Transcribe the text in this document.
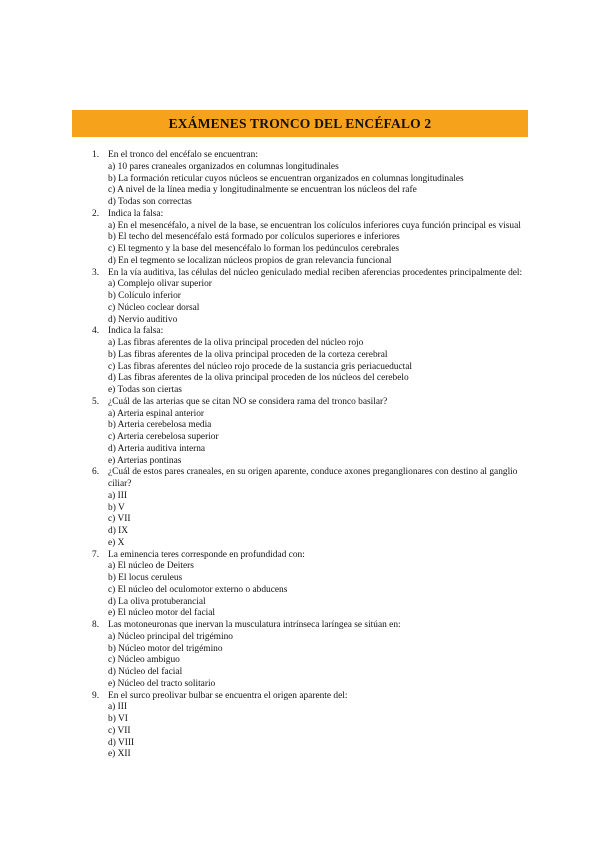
EXÁMENES TRONCO DEL ENCÉFALO 2
1. En el tronco del encéfalo se encuentran:
a) 10 pares craneales organizados en columnas longitudinales
b) La formación reticular cuyos núcleos se encuentran organizados en columnas longitudinales
c) A nivel de la línea media y longitudinalmente se encuentran los núcleos del rafe
d) Todas son correctas
2. Indica la falsa:
a) En el mesencéfalo, a nivel de la base, se encuentran los colículos inferiores cuya función principal es visual
b) El techo del mesencéfalo está formado por colículos superiores e inferiores
c) El tegmento y la base del mesencéfalo lo forman los pedúnculos cerebrales
d) En el tegmento se localizan núcleos propios de gran relevancia funcional
3. En la vía auditiva, las células del núcleo geniculado medial reciben aferencias procedentes principalmente del:
a) Complejo olivar superior
b) Colículo inferior
c) Núcleo coclear dorsal
d) Nervio auditivo
4. Indica la falsa:
a) Las fibras aferentes de la oliva principal proceden del núcleo rojo
b) Las fibras aferentes de la oliva principal proceden de la corteza cerebral
c) Las fibras aferentes del núcleo rojo procede de la sustancia gris periacueductal
d) Las fibras aferentes de la oliva principal proceden de los núcleos del cerebelo
e) Todas son ciertas
5. ¿Cuál de las arterias que se citan NO se considera rama del tronco basilar?
a) Arteria espinal anterior
b) Arteria cerebelosa media
c) Arteria cerebelosa superior
d) Arteria auditiva interna
e) Arterias pontinas
6. ¿Cuál de estos pares craneales, en su origen aparente, conduce axones preganglionares con destino al ganglio ciliar?
a) III
b) V
c) VII
d) IX
e) X
7. La eminencia teres corresponde en profundidad con:
a) El núcleo de Deiters
b) El locus ceruleus
c) El núcleo del oculomotor externo o abducens
d) La oliva protuberancial
e) El núcleo motor del facial
8. Las motoneuronas que inervan la musculatura intrínseca laríngea se sitúan en:
a) Núcleo principal del trigémino
b) Núcleo motor del trigémino
c) Núcleo ambiguo
d) Núcleo del facial
e) Núcleo del tracto solitario
9. En el surco preolivar bulbar se encuentra el origen aparente del:
a) III
b) VI
c) VII
d) VIII
e) XII
